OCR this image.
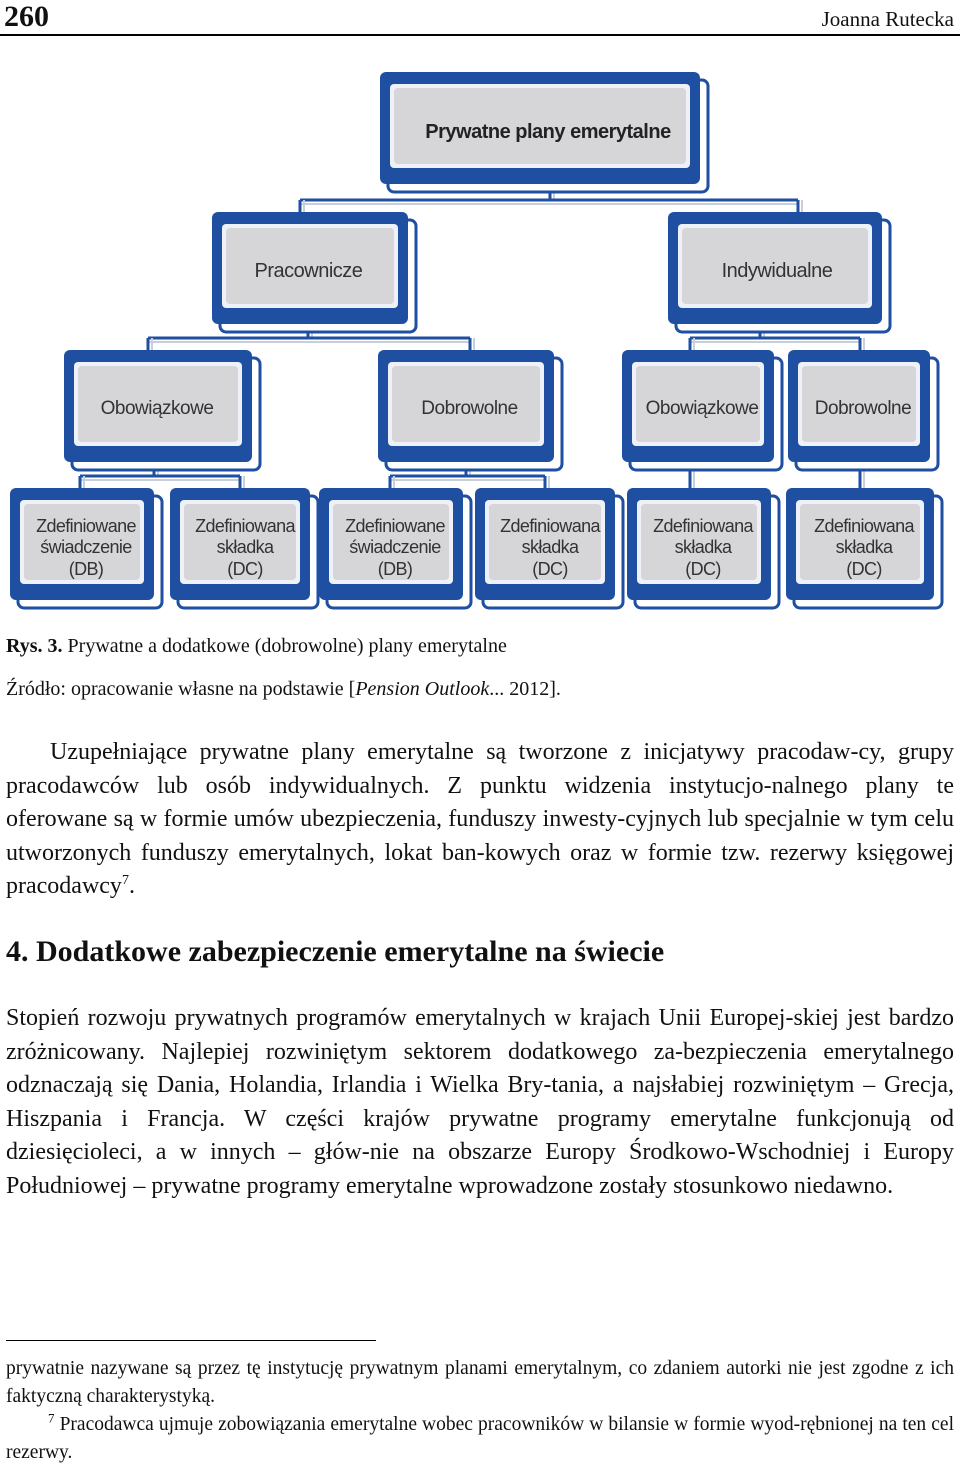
260	Joanna Rutecka
Prywatne plany emerytalne
Pracownicze	Indywidualne
Obowiązkowe	Dobrowolne	Obowiązkowe	Dobrowolne
Zdefiniowane
świadczenie
(DB)
Zdefiniowana
składka
(DC)
Zdefiniowane
świadczenie
(DB)
Zdefiniowana
składka
(DC)
Zdefiniowana
składka
(DC)
Zdefiniowana
składka
(DC)
Rys. 3. Prywatne a dodatkowe (dobrowolne) plany emerytalne
Źródło: opracowanie własne na podstawie [Pension Outlook... 2012].

Uzupełniające prywatne plany emerytalne są tworzone z inicjatywy pracodaw-cy, grupy pracodawców lub osób indywidualnych. Z punktu widzenia instytucjo-nalnego plany te oferowane są w formie umów ubezpieczenia, funduszy inwesty-cyjnych lub specjalnie w tym celu utworzonych funduszy emerytalnych, lokat ban-kowych oraz w formie tzw. rezerwy księgowej pracodawcy$^7$.

4. Dodatkowe zabezpieczenie emerytalne na świecie

Stopień rozwoju prywatnych programów emerytalnych w krajach Unii Europej-skiej jest bardzo zróżnicowany. Najlepiej rozwiniętym sektorem dodatkowego za-bezpieczenia emerytalnego odznaczają się Dania, Holandia, Irlandia i Wielka Bry-tania, a najsłabiej rozwiniętym – Grecja, Hiszpania i Francja. W części krajów prywatne programy emerytalne funkcjonują od dziesięcioleci, a w innych – głów-nie na obszarze Europy Środkowo-Wschodniej i Europy Południowej – prywatne programy emerytalne wprowadzone zostały stosunkowo niedawno.

prywatnie nazywane są przez tę instytucję prywatnym planami emerytalnym, co zdaniem autorki nie jest zgodne z ich faktyczną charakterystyką.
$^7$ Pracodawca ujmuje zobowiązania emerytalne wobec pracowników w bilansie w formie wyod-rębnionej na ten cel rezerwy.
